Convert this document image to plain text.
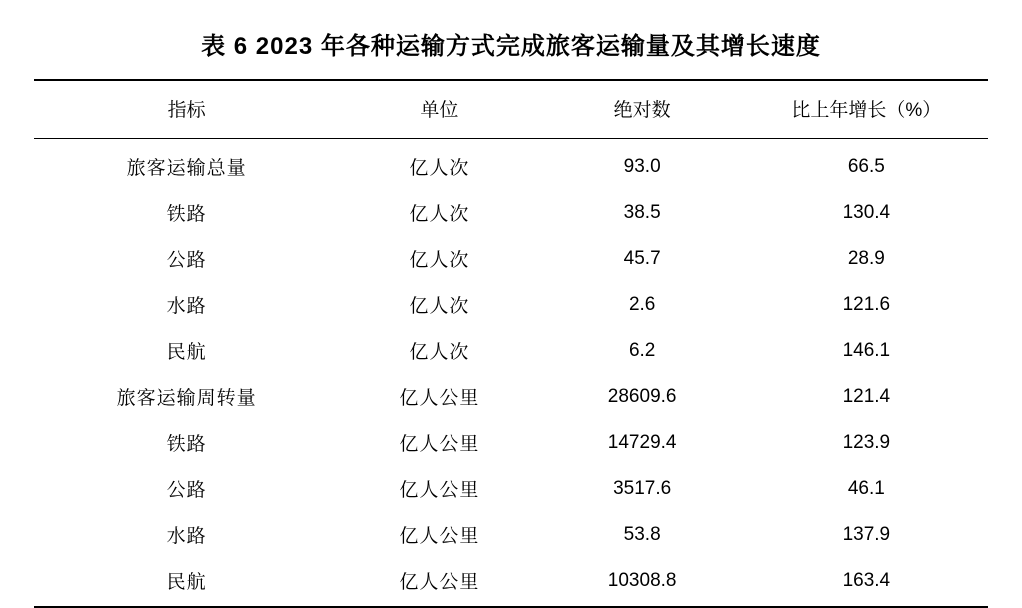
表 6 2023 年各种运输方式完成旅客运输量及其增长速度
指标	单位	绝对数	比上年增长（%）
旅客运输总量	亿人次	93.0	66.5
铁路	亿人次	38.5	130.4
公路	亿人次	45.7	28.9
水路	亿人次	2.6	121.6
民航	亿人次	6.2	146.1
旅客运输周转量	亿人公里	28609.6	121.4
铁路	亿人公里	14729.4	123.9
公路	亿人公里	3517.6	46.1
水路	亿人公里	53.8	137.9
民航	亿人公里	10308.8	163.4
